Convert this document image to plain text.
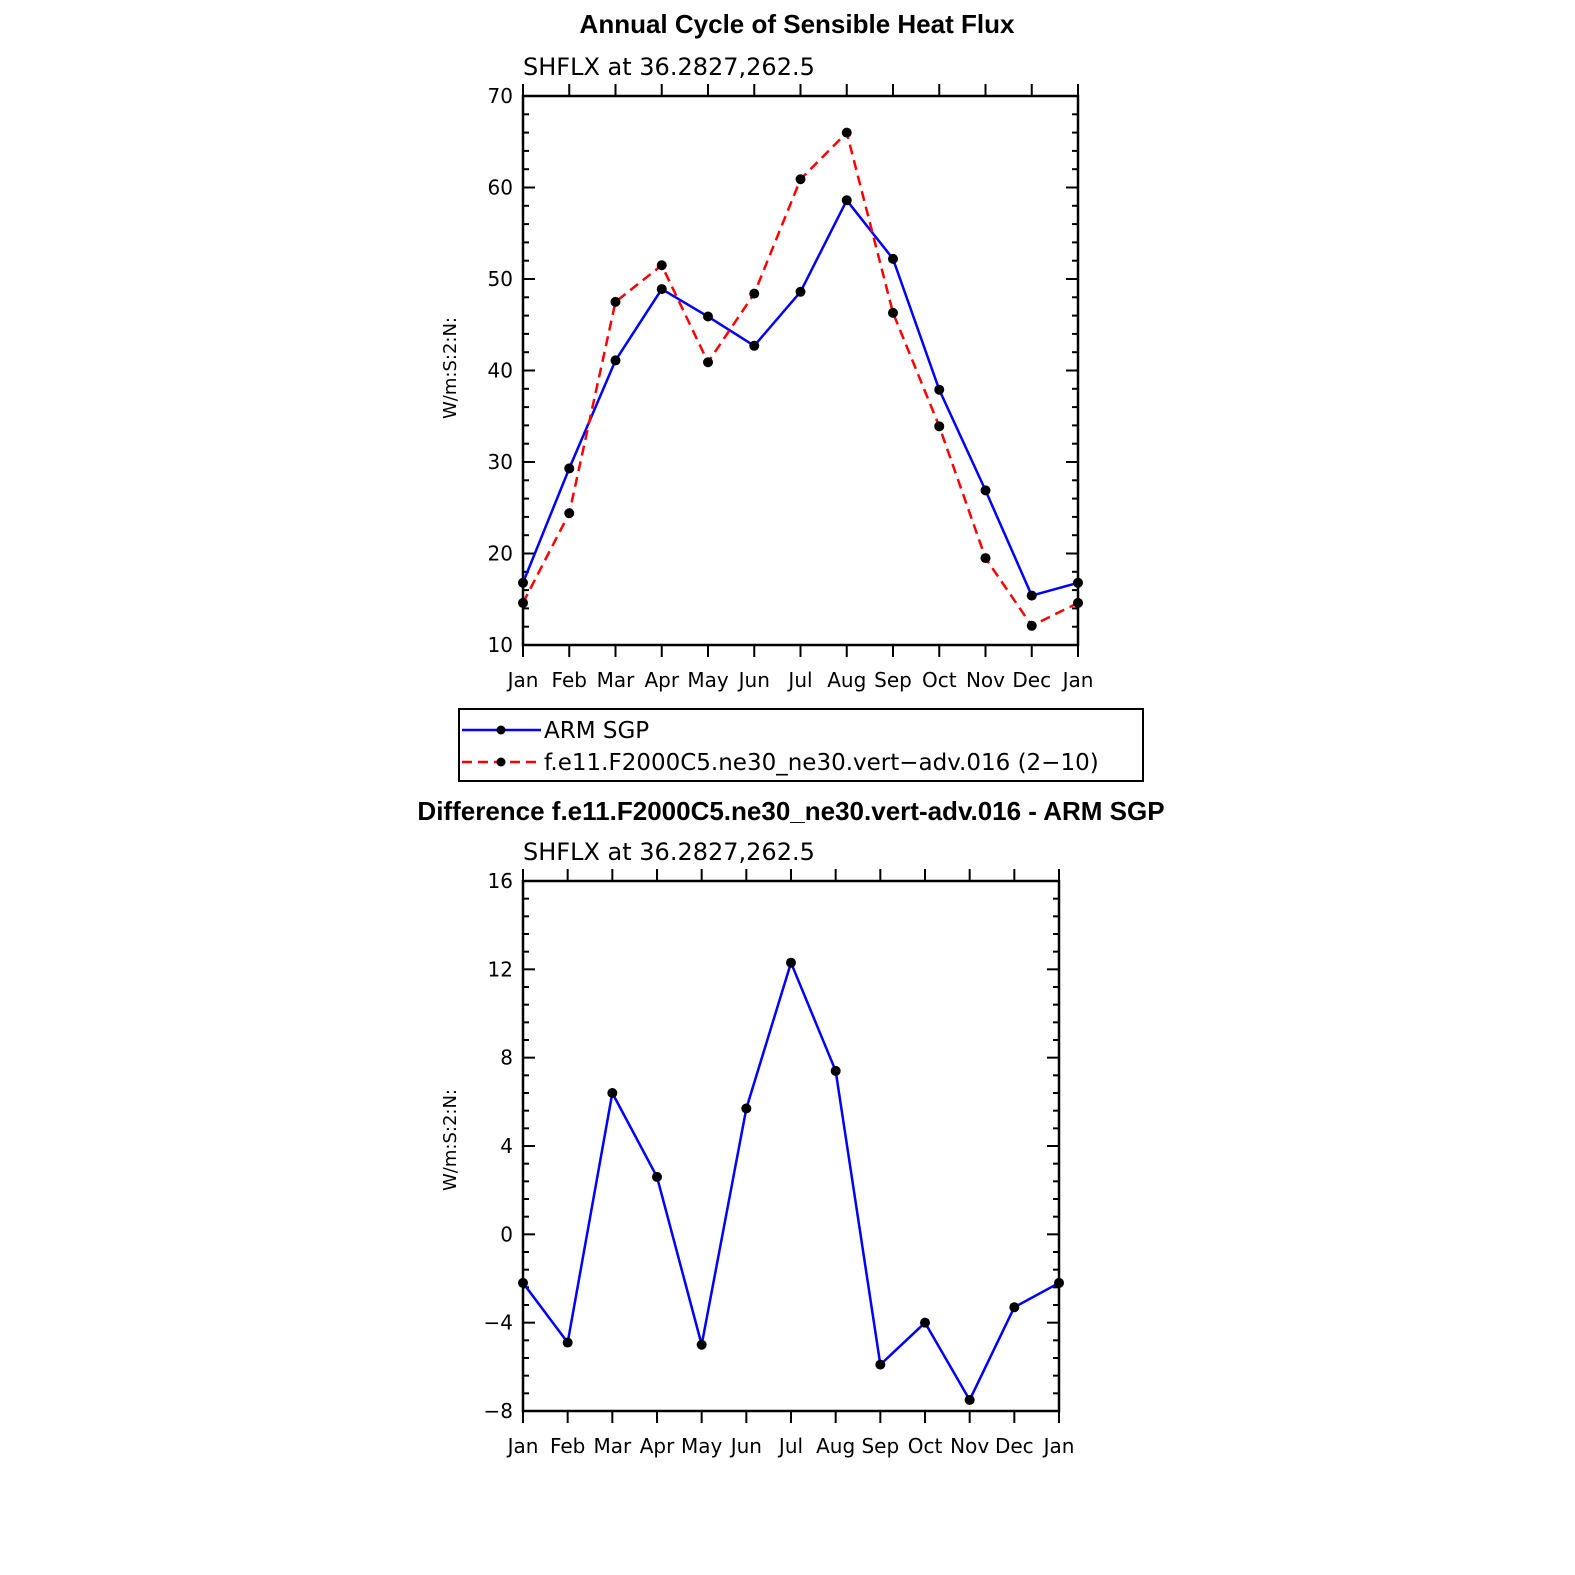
Annual Cycle of Sensible Heat Flux
SHFLX at 36.2827,262.5
W/m:S:2:N:
10
20
30
40
50
60
70
Jan Feb Mar Apr May Jun Jul Aug Sep Oct Nov Dec Jan
ARM SGP
f.e11.F2000C5.ne30_ne30.vert−adv.016 (2−10)
Difference f.e11.F2000C5.ne30_ne30.vert-adv.016 - ARM SGP
SHFLX at 36.2827,262.5
W/m:S:2:N:
−8
−4
0
4
8
12
16
Jan Feb Mar Apr May Jun Jul Aug Sep Oct Nov Dec Jan
